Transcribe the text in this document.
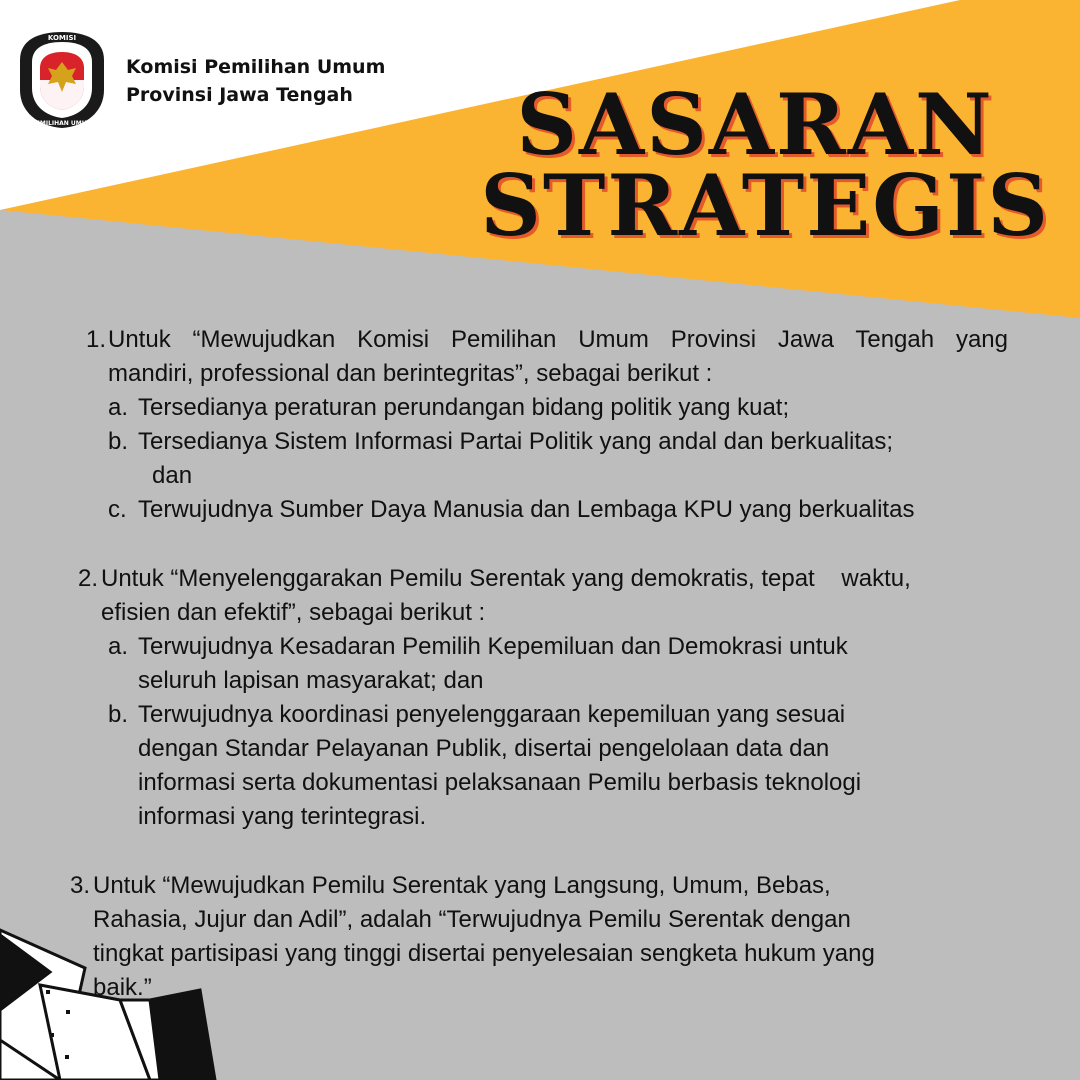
KOMISI
PEMILIHAN UMUM
Komisi Pemilihan Umum
Provinsi Jawa Tengah	SASARAN
STRATEGIS
1. Untuk “Mewujudkan Komisi Pemilihan Umum Provinsi Jawa Tengah yang
mandiri, professional dan berintegritas”, sebagai berikut :
a. Tersedianya peraturan perundangan bidang politik yang kuat;
b. Tersedianya Sistem Informasi Partai Politik yang andal dan berkualitas;
dan
c. Terwujudnya Sumber Daya Manusia dan Lembaga KPU yang berkualitas
2. Untuk “Menyelenggarakan Pemilu Serentak yang demokratis, tepat    waktu,
efisien dan efektif”, sebagai berikut :
a. Terwujudnya Kesadaran Pemilih Kepemiluan dan Demokrasi untuk
seluruh lapisan masyarakat; dan
b. Terwujudnya koordinasi penyelenggaraan kepemiluan yang sesuai
dengan Standar Pelayanan Publik, disertai pengelolaan data dan
informasi serta dokumentasi pelaksanaan Pemilu berbasis teknologi
informasi yang terintegrasi.
3. Untuk “Mewujudkan Pemilu Serentak yang Langsung, Umum, Bebas,
Rahasia, Jujur dan Adil”, adalah “Terwujudnya Pemilu Serentak dengan
tingkat partisipasi yang tinggi disertai penyelesaian sengketa hukum yang
baik.”
